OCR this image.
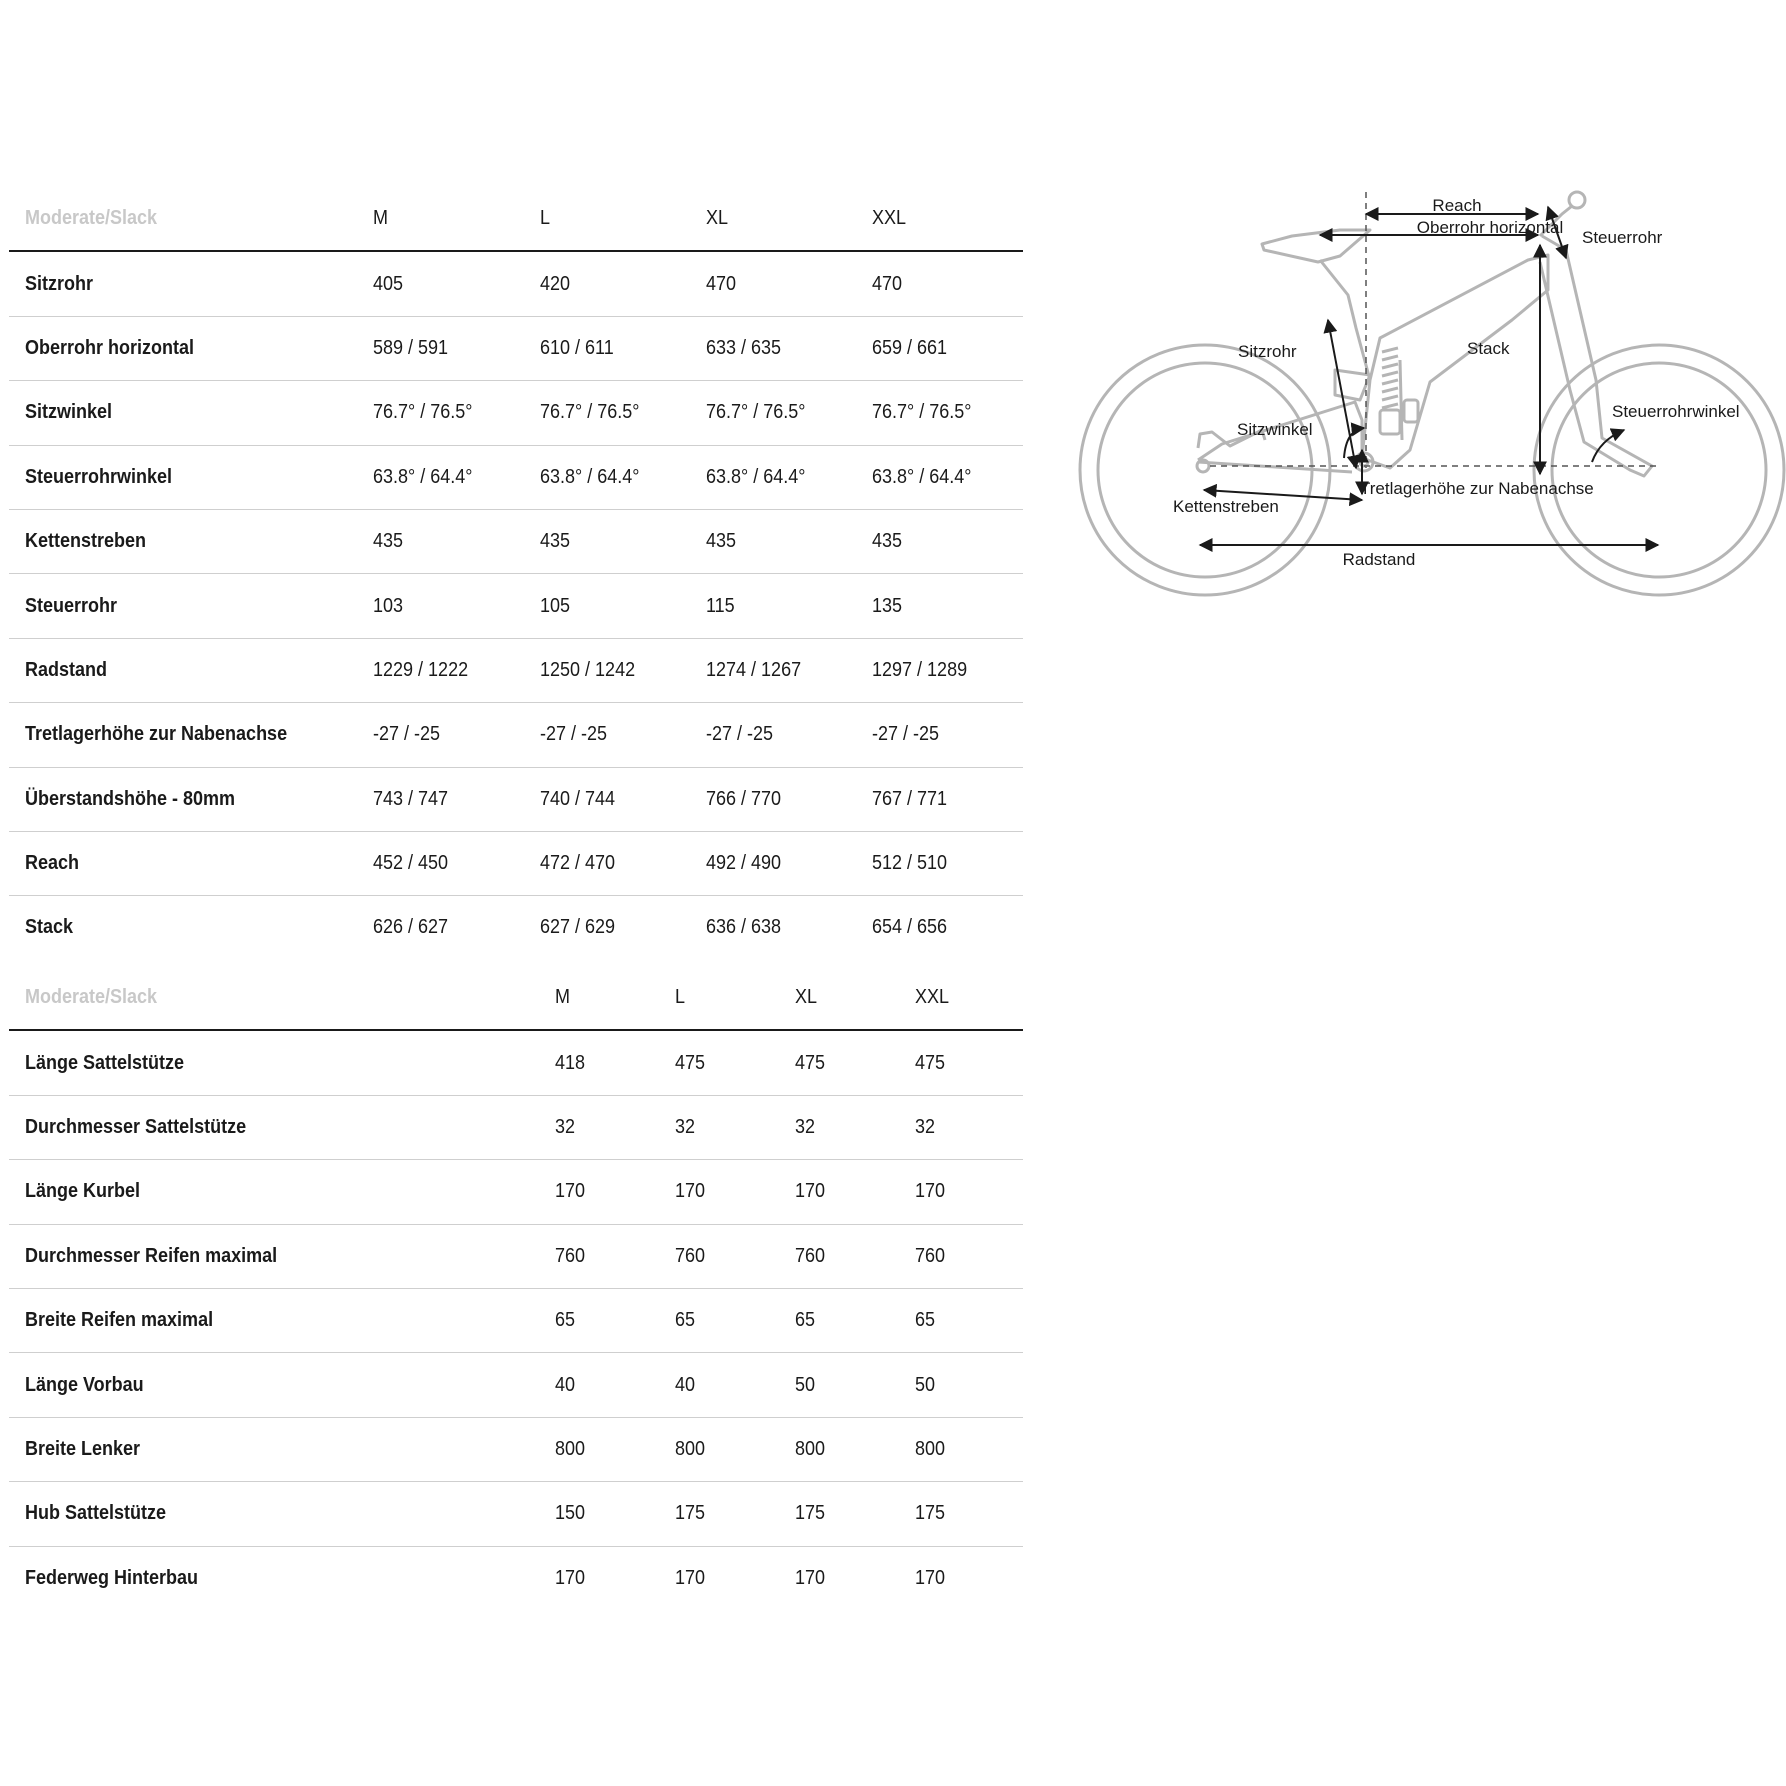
Moderate/Slack	M	L	XL	XXL
Sitzrohr	405	420	470	470
Oberrohr horizontal	589 / 591	610 / 611	633 / 635	659 / 661
Sitzwinkel	76.7° / 76.5°	76.7° / 76.5°	76.7° / 76.5°	76.7° / 76.5°
Steuerrohrwinkel	63.8° / 64.4°	63.8° / 64.4°	63.8° / 64.4°	63.8° / 64.4°
Kettenstreben	435	435	435	435
Steuerrohr	103	105	115	135
Radstand	1229 / 1222	1250 / 1242	1274 / 1267	1297 / 1289
Tretlagerhöhe zur Nabenachse	-27 / -25	-27 / -25	-27 / -25	-27 / -25
Überstandshöhe - 80mm	743 / 747	740 / 744	766 / 770	767 / 771
Reach	452 / 450	472 / 470	492 / 490	512 / 510
Stack	626 / 627	627 / 629	636 / 638	654 / 656
Moderate/Slack	M	L	XL	XXL
Länge Sattelstütze	418	475	475	475
Durchmesser Sattelstütze	32	32	32	32
Länge Kurbel	170	170	170	170
Durchmesser Reifen maximal	760	760	760	760
Breite Reifen maximal	65	65	65	65
Länge Vorbau	40	40	50	50
Breite Lenker	800	800	800	800
Hub Sattelstütze	150	175	175	175
Federweg Hinterbau	170	170	170	170
Reach
Oberrohr horizontal
Steuerrohr
Sitzrohr	Stack
Steuerrohrwinkel
Sitzwinkel
Kettenstreben
Tretlagerhöhe zur Nabenachse
Radstand
